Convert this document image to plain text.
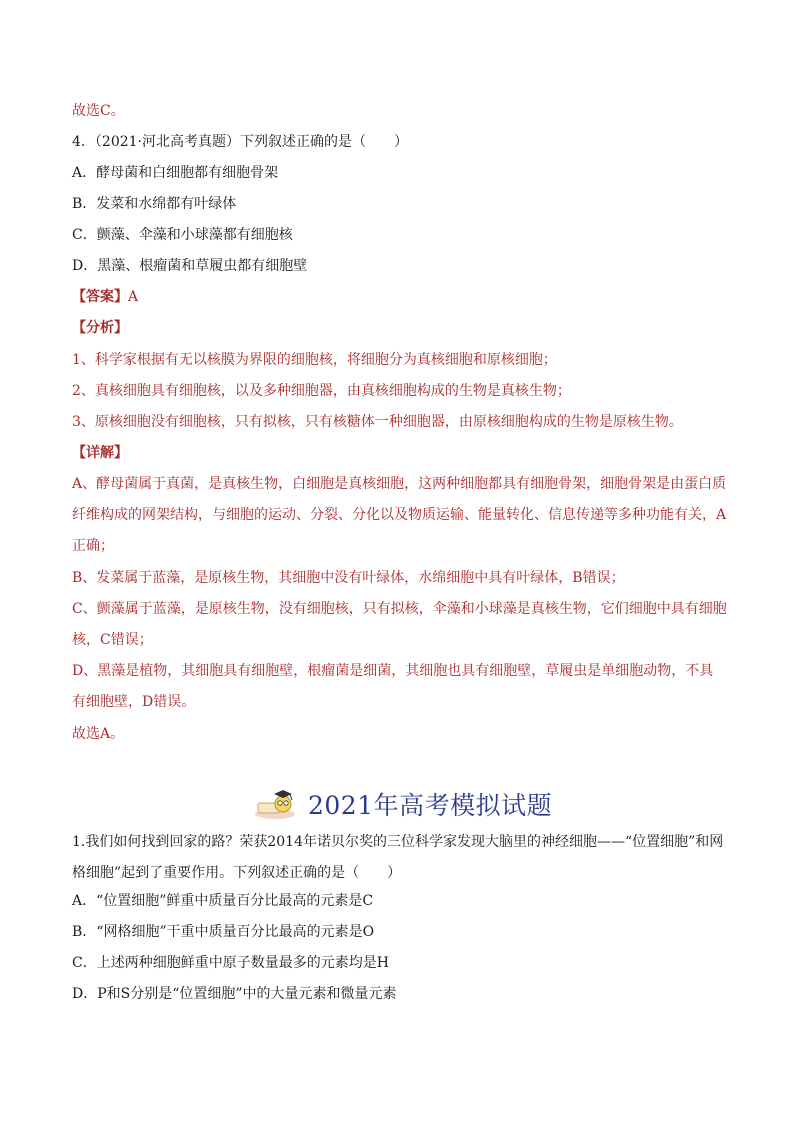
故选C。
4．（2021·河北高考真题）下列叙述正确的是（　　）
A．酵母菌和白细胞都有细胞骨架
B．发菜和水绵都有叶绿体
C．颤藻、伞藻和小球藻都有细胞核
D．黑藻、根瘤菌和草履虫都有细胞壁
【答案】A
【分析】
1、科学家根据有无以核膜为界限的细胞核，将细胞分为真核细胞和原核细胞；
2、真核细胞具有细胞核，以及多种细胞器，由真核细胞构成的生物是真核生物；
3、原核细胞没有细胞核，只有拟核，只有核糖体一种细胞器，由原核细胞构成的生物是原核生物。
【详解】
A、酵母菌属于真菌，是真核生物，白细胞是真核细胞，这两种细胞都具有细胞骨架，细胞骨架是由蛋白质纤维构成的网架结构，与细胞的运动、分裂、分化以及物质运输、能量转化、信息传递等多种功能有关，A正确；
B、发菜属于蓝藻，是原核生物，其细胞中没有叶绿体，水绵细胞中具有叶绿体，B错误；
C、颤藻属于蓝藻，是原核生物，没有细胞核，只有拟核，伞藻和小球藻是真核生物，它们细胞中具有细胞核，C错误；
D、黑藻是植物，其细胞具有细胞壁，根瘤菌是细菌，其细胞也具有细胞壁，草履虫是单细胞动物，不具有细胞壁，D错误。
故选A。
2021年高考模拟试题
1.我们如何找到回家的路？荣获2014年诺贝尔奖的三位科学家发现大脑里的神经细胞——“位置细胞”和网格细胞”起到了重要作用。下列叙述正确的是（　　）
A．“位置细胞”鲜重中质量百分比最高的元素是C
B．“网格细胞”干重中质量百分比最高的元素是O
C．上述两种细胞鲜重中原子数量最多的元素均是H
D．P和S分别是“位置细胞”中的大量元素和微量元素
